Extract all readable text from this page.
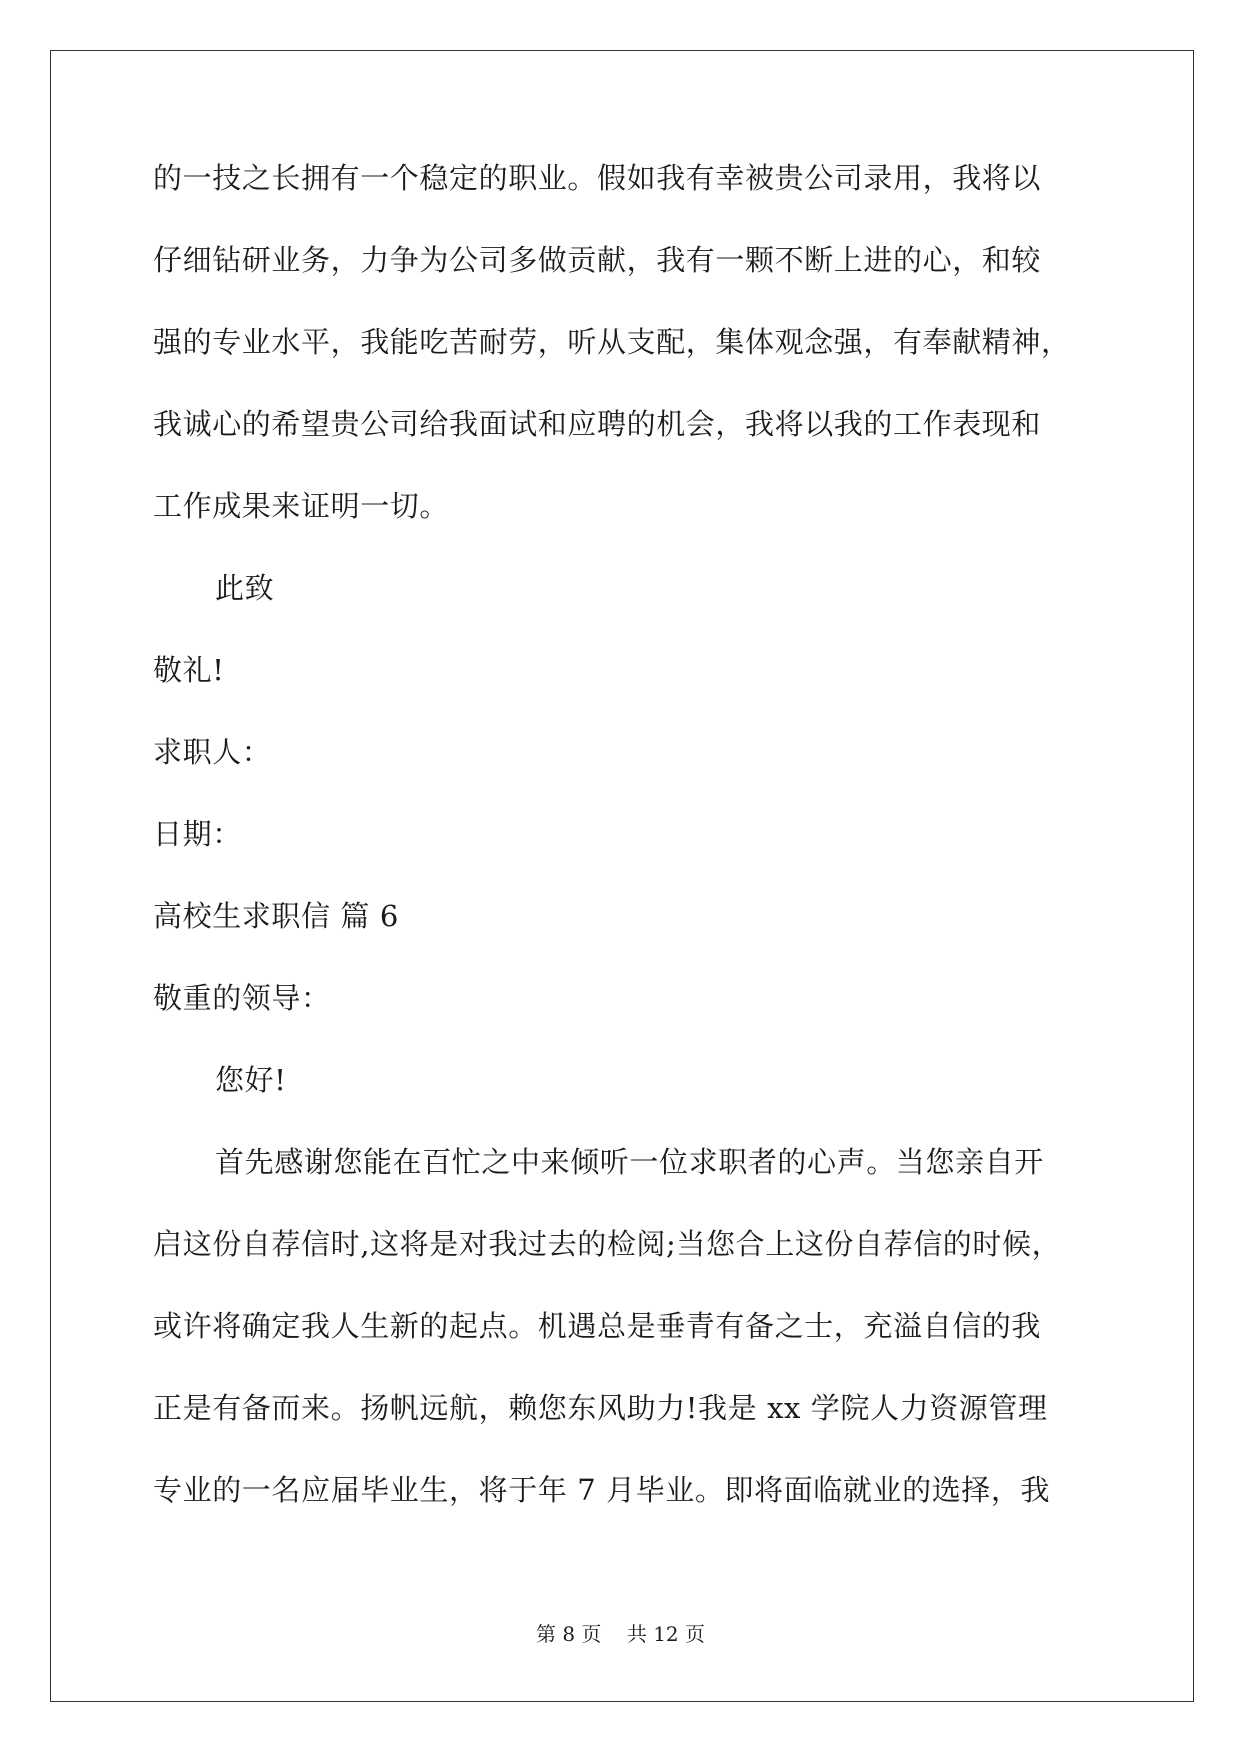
的一技之长拥有一个稳定的职业。假如我有幸被贵公司录用，我将以
仔细钻研业务，力争为公司多做贡献，我有一颗不断上进的心，和较
强的专业水平，我能吃苦耐劳，听从支配，集体观念强，有奉献精神，
我诚心的希望贵公司给我面试和应聘的机会，我将以我的工作表现和
工作成果来证明一切。
此致
敬礼!
求职人：
日期：
高校生求职信 篇 6
敬重的领导：
您好!
首先感谢您能在百忙之中来倾听一位求职者的心声。当您亲自开
启这份自荐信时,这将是对我过去的检阅;当您合上这份自荐信的时候，
或许将确定我人生新的起点。机遇总是垂青有备之士，充溢自信的我
正是有备而来。扬帆远航，赖您东风助力!我是 xx 学院人力资源管理
专业的一名应届毕业生，将于年 7 月毕业。即将面临就业的选择，我
第 8 页    共 12 页
